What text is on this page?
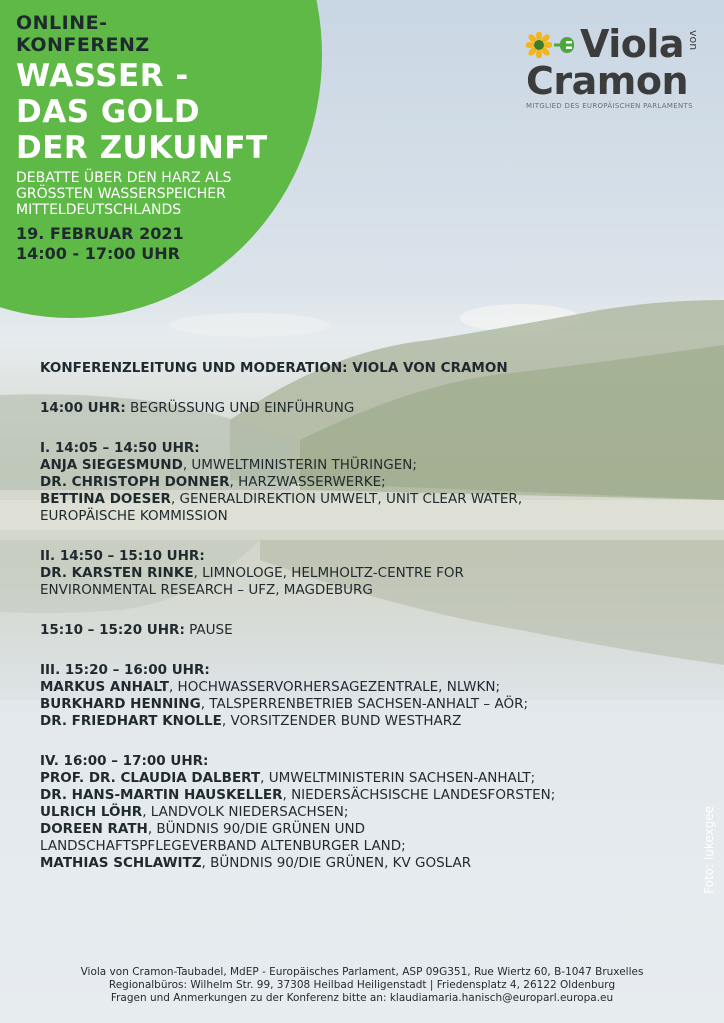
ONLINE-
KONFERENZ
WASSER -
DAS GOLD
DER ZUKUNFT
DEBATTE ÜBER DEN HARZ ALS
GRÖSSTEN WASSERSPEICHER
MITTELDEUTSCHLANDS
19. FEBRUAR 2021
14:00 - 17:00 UHR
Viola von
Cramon
MITGLIED DES EUROPÄISCHEN PARLAMENTS
KONFERENZLEITUNG UND MODERATION: VIOLA VON CRAMON
14:00 UHR: BEGRÜSSUNG UND EINFÜHRUNG
I. 14:05 – 14:50 UHR:
ANJA SIEGESMUND, UMWELTMINISTERIN THÜRINGEN;
DR. CHRISTOPH DONNER, HARZWASSERWERKE;
BETTINA DOESER, GENERALDIREKTION UMWELT, UNIT CLEAR WATER,
EUROPÄISCHE KOMMISSION
II. 14:50 – 15:10 UHR:
DR. KARSTEN RINKE, LIMNOLOGE, HELMHOLTZ-CENTRE FOR
ENVIRONMENTAL RESEARCH – UFZ, MAGDEBURG
15:10 – 15:20 UHR: PAUSE
III. 15:20 – 16:00 UHR:
MARKUS ANHALT, HOCHWASSERVORHERSAGEZENTRALE, NLWKN;
BURKHARD HENNING, TALSPERRENBETRIEB SACHSEN-ANHALT – AÖR;
DR. FRIEDHART KNOLLE, VORSITZENDER BUND WESTHARZ
IV. 16:00 – 17:00 UHR:
PROF. DR. CLAUDIA DALBERT, UMWELTMINISTERIN SACHSEN-ANHALT;
DR. HANS-MARTIN HAUSKELLER, NIEDERSÄCHSISCHE LANDESFORSTEN;
ULRICH LÖHR, LANDVOLK NIEDERSACHSEN;
DOREEN RATH, BÜNDNIS 90/DIE GRÜNEN UND
LANDSCHAFTSPFLEGEVERBAND ALTENBURGER LAND;
MATHIAS SCHLAWITZ, BÜNDNIS 90/DIE GRÜNEN, KV GOSLAR	Foto: lukexgee
Viola von Cramon-Taubadel, MdEP - Europäisches Parlament, ASP 09G351, Rue Wiertz 60, B-1047 Bruxelles
Regionalbüros: Wilhelm Str. 99, 37308 Heilbad Heiligenstadt | Friedensplatz 4, 26122 Oldenburg
Fragen und Anmerkungen zu der Konferenz bitte an: klaudiamaria.hanisch@europarl.europa.eu
